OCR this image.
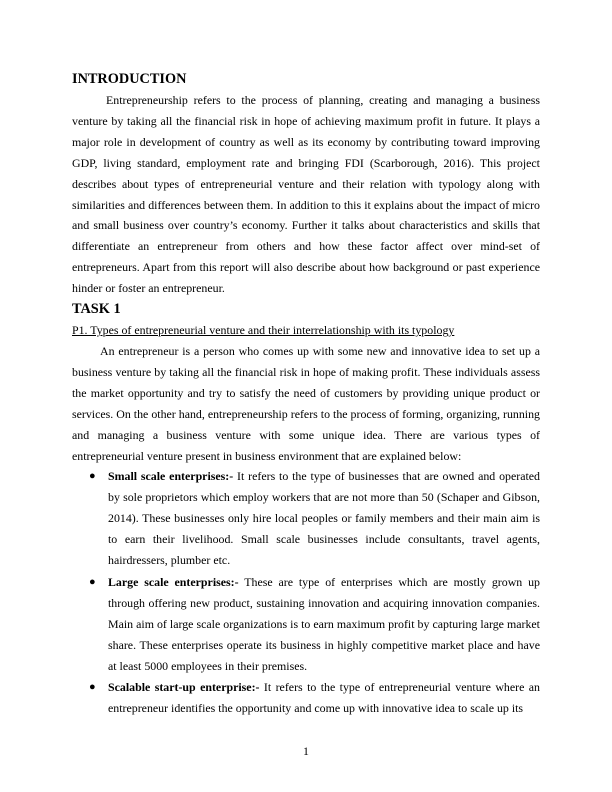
INTRODUCTION

Entrepreneurship refers to the process of planning, creating and managing a business venture by taking all the financial risk in hope of achieving maximum profit in future. It plays a major role in development of country as well as its economy by contributing toward improving GDP, living standard, employment rate and bringing FDI (Scarborough, 2016). This project describes about types of entrepreneurial venture and their relation with typology along with similarities and differences between them. In addition to this it explains about the impact of micro and small business over country’s economy. Further it talks about characteristics and skills that differentiate an entrepreneur from others and how these factor affect over mind-set of entrepreneurs. Apart from this report will also describe about how background or past experience hinder or foster an entrepreneur.

TASK 1
P1. Types of entrepreneurial venture and their interrelationship with its typology

An entrepreneur is a person who comes up with some new and innovative idea to set up a business venture by taking all the financial risk in hope of making profit. These individuals assess the market opportunity and try to satisfy the need of customers by providing unique product or services. On the other hand, entrepreneurship refers to the process of forming, organizing, running and managing a business venture with some unique idea. There are various types of entrepreneurial venture present in business environment that are explained below:

● Small scale enterprises:- It refers to the type of businesses that are owned and operated by sole proprietors which employ workers that are not more than 50 (Schaper and Gibson, 2014). These businesses only hire local peoples or family members and their main aim is to earn their livelihood. Small scale businesses include consultants, travel agents, hairdressers, plumber etc.
● Large scale enterprises:- These are type of enterprises which are mostly grown up through offering new product, sustaining innovation and acquiring innovation companies. Main aim of large scale organizations is to earn maximum profit by capturing large market share. These enterprises operate its business in highly competitive market place and have at least 5000 employees in their premises.
● Scalable start-up enterprise:- It refers to the type of entrepreneurial venture where an entrepreneur identifies the opportunity and come up with innovative idea to scale up its
1
